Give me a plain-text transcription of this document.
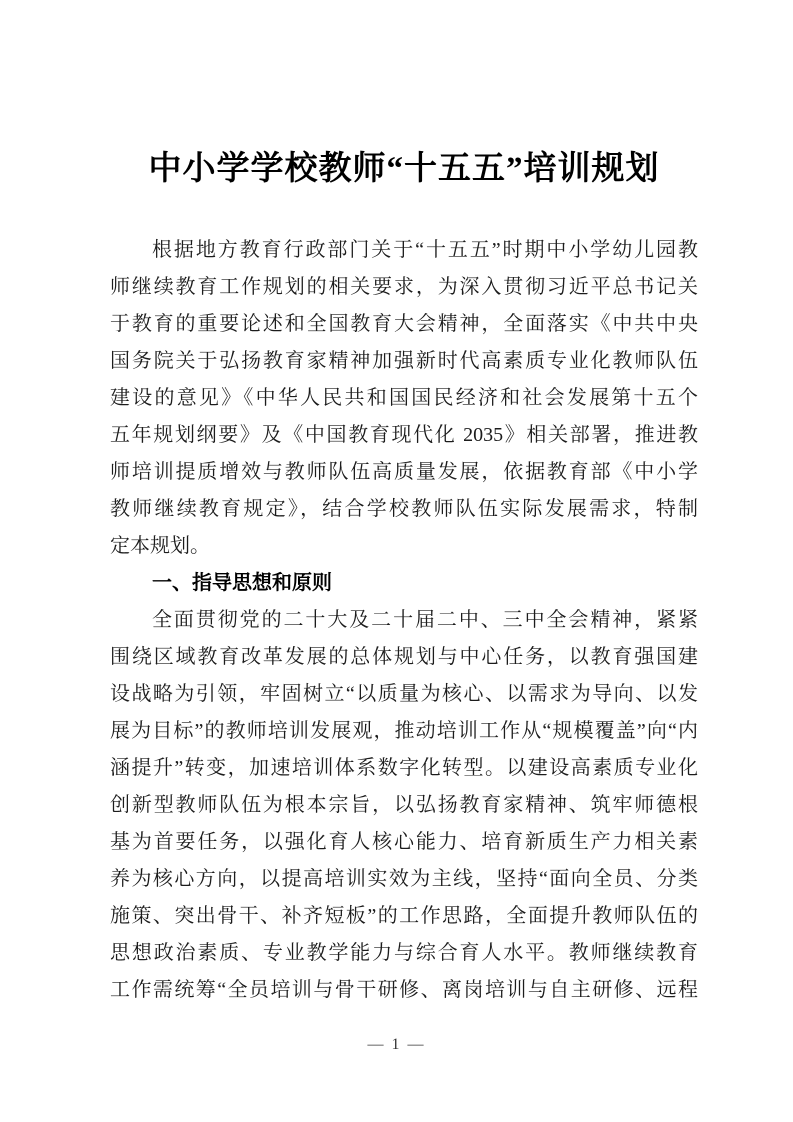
中小学学校教师“十五五”培训规划
根据地方教育行政部门关于“十五五”时期中小学幼儿园教
师继续教育工作规划的相关要求，为深入贯彻习近平总书记关
于教育的重要论述和全国教育大会精神，全面落实《中共中央
国务院关于弘扬教育家精神加强新时代高素质专业化教师队伍
建设的意见》《中华人民共和国国民经济和社会发展第十五个
五年规划纲要》及《中国教育现代化 2035》相关部署，推进教
师培训提质增效与教师队伍高质量发展，依据教育部《中小学
教师继续教育规定》，结合学校教师队伍实际发展需求，特制
定本规划。
一、指导思想和原则
全面贯彻党的二十大及二十届二中、三中全会精神，紧紧
围绕区域教育改革发展的总体规划与中心任务，以教育强国建
设战略为引领，牢固树立“以质量为核心、以需求为导向、以发
展为目标”的教师培训发展观，推动培训工作从“规模覆盖”向“内
涵提升”转变，加速培训体系数字化转型。以建设高素质专业化
创新型教师队伍为根本宗旨，以弘扬教育家精神、筑牢师德根
基为首要任务，以强化育人核心能力、培育新质生产力相关素
养为核心方向，以提高培训实效为主线，坚持“面向全员、分类
施策、突出骨干、补齐短板”的工作思路，全面提升教师队伍的
思想政治素质、专业教学能力与综合育人水平。教师继续教育
工作需统筹“全员培训与骨干研修、离岗培训与自主研修、远程
— 1 —
